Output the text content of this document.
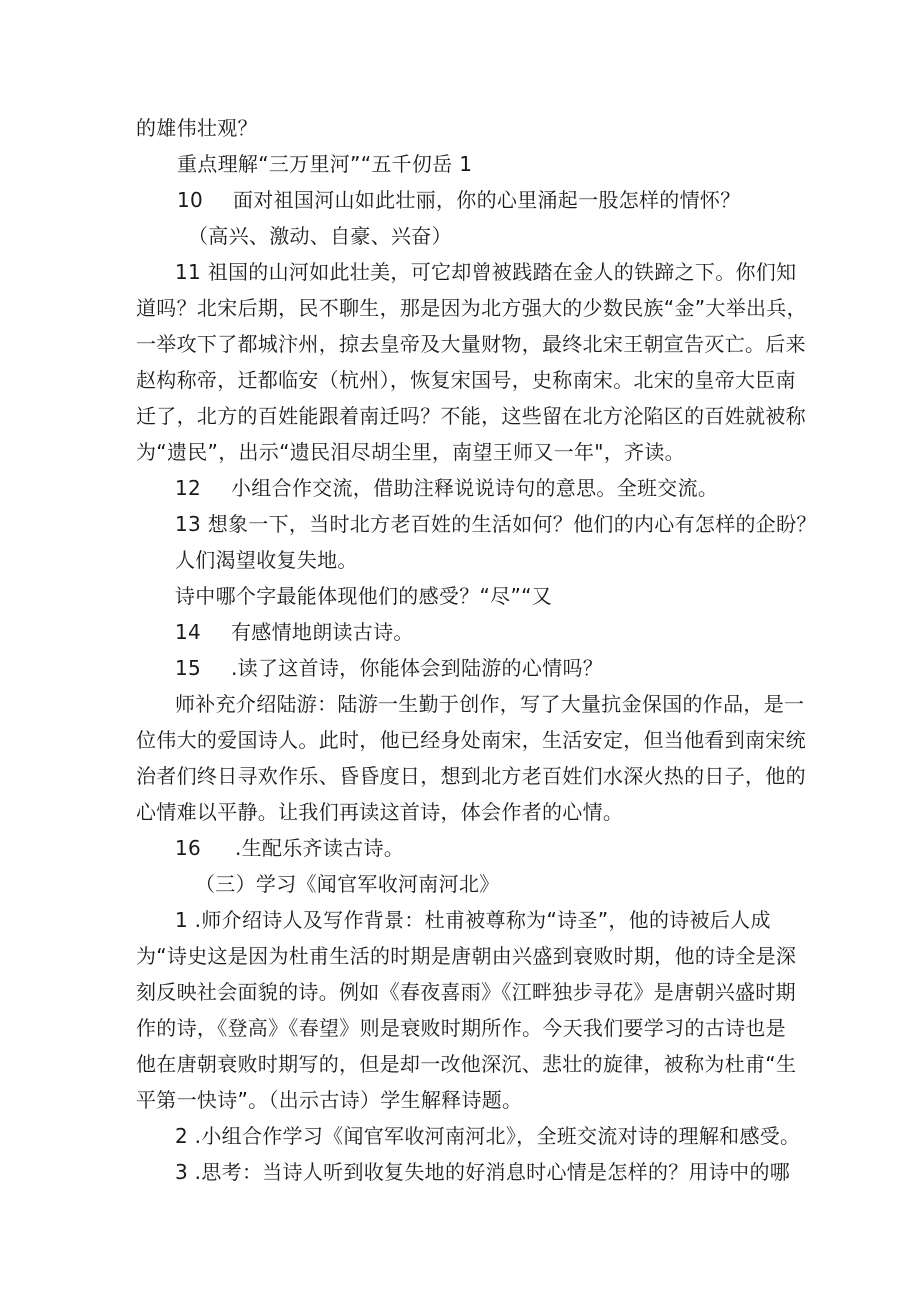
的雄伟壮观？
重点理解“三万里河”“五千仞岳 1
10 面对祖国河山如此壮丽，你的心里涌起一股怎样的情怀？
（高兴、激动、自豪、兴奋）
11 祖国的山河如此壮美，可它却曾被践踏在金人的铁蹄之下。你们知
道吗？北宋后期，民不聊生，那是因为北方强大的少数民族“金”大举出兵，
一举攻下了都城汴州，掠去皇帝及大量财物，最终北宋王朝宣告灭亡。后来
赵构称帝，迁都临安（杭州），恢复宋国号，史称南宋。北宋的皇帝大臣南
迁了，北方的百姓能跟着南迁吗？不能，这些留在北方沦陷区的百姓就被称
为“遗民”，出示“遗民泪尽胡尘里，南望王师又一年"，齐读。
12 小组合作交流，借助注释说说诗句的意思。全班交流。
13 想象一下，当时北方老百姓的生活如何？他们的内心有怎样的企盼？
人们渴望收复失地。
诗中哪个字最能体现他们的感受？“尽”“又
14 有感情地朗读古诗。
15 .读了这首诗，你能体会到陆游的心情吗？
师补充介绍陆游：陆游一生勤于创作，写了大量抗金保国的作品，是一
位伟大的爱国诗人。此时，他已经身处南宋，生活安定，但当他看到南宋统
治者们终日寻欢作乐、昏昏度日，想到北方老百姓们水深火热的日子，他的
心情难以平静。让我们再读这首诗，体会作者的心情。
16 .生配乐齐读古诗。
（三）学习《闻官军收河南河北》
1 .师介绍诗人及写作背景：杜甫被尊称为“诗圣”，他的诗被后人成
为“诗史这是因为杜甫生活的时期是唐朝由兴盛到衰败时期，他的诗全是深
刻反映社会面貌的诗。例如《春夜喜雨》《江畔独步寻花》是唐朝兴盛时期
作的诗，《登高》《春望》则是衰败时期所作。今天我们要学习的古诗也是
他在唐朝衰败时期写的，但是却一改他深沉、悲壮的旋律，被称为杜甫“生
平第一快诗”。（出示古诗）学生解释诗题。
2 .小组合作学习《闻官军收河南河北》，全班交流对诗的理解和感受。
3 .思考：当诗人听到收复失地的好消息时心情是怎样的？用诗中的哪
